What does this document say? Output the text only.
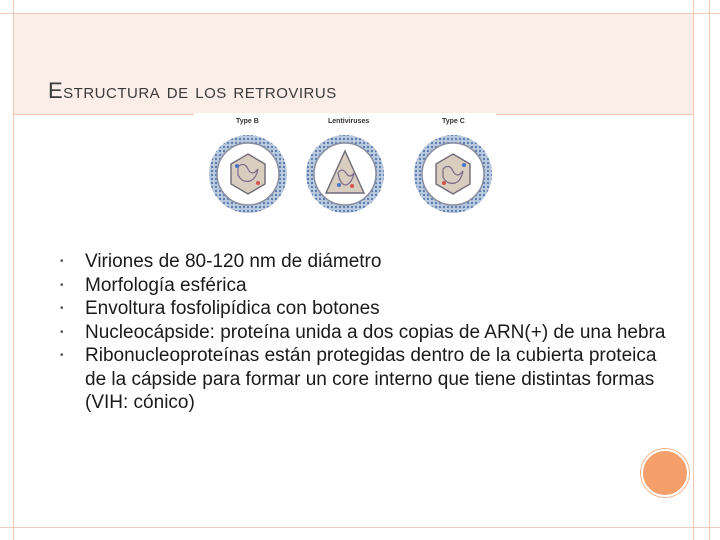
Estructura de los retrovirus
Type B	Lentiviruses	Type C
• Viriones de 80-120 nm de diámetro
• Morfología esférica
• Envoltura fosfolipídica con botones
• Nucleocápside: proteína unida a dos copias de ARN(+) de una hebra
• Ribonucleoproteínas están protegidas dentro de la cubierta proteica de la cápside para formar un core interno que tiene distintas formas (VIH: cónico)
